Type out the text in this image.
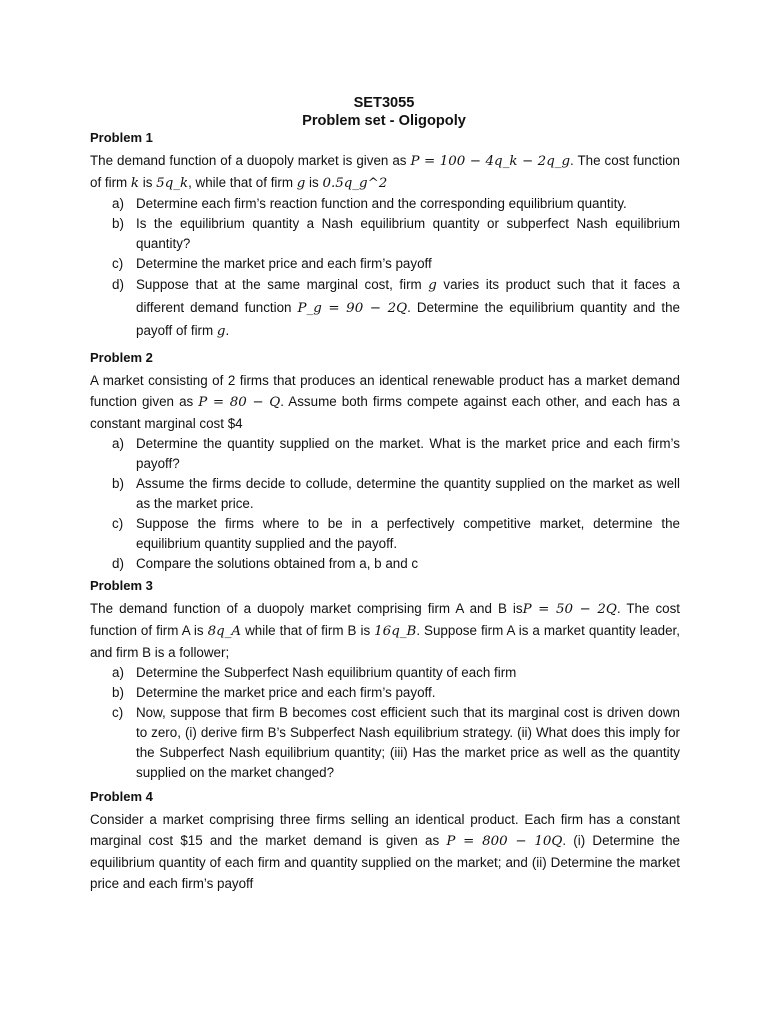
SET3055
Problem set - Oligopoly
Problem 1

The demand function of a duopoly market is given as P = 100 − 4q_k − 2q_g. The cost function of firm k is 5q_k, while that of firm g is 0.5q_g^2

a) Determine each firm’s reaction function and the corresponding equilibrium quantity.
b) Is the equilibrium quantity a Nash equilibrium quantity or subperfect Nash equilibrium quantity?
c) Determine the market price and each firm’s payoff
d) Suppose that at the same marginal cost, firm g varies its product such that it faces a different demand function P_g = 90 − 2Q. Determine the equilibrium quantity and the payoff of firm g.
Problem 2

A market consisting of 2 firms that produces an identical renewable product has a market demand function given as P = 80 − Q. Assume both firms compete against each other, and each has a constant marginal cost $4

a) Determine the quantity supplied on the market. What is the market price and each firm’s payoff?
b) Assume the firms decide to collude, determine the quantity supplied on the market as well as the market price.
c) Suppose the firms where to be in a perfectively competitive market, determine the equilibrium quantity supplied and the payoff.
d) Compare the solutions obtained from a, b and c
Problem 3

The demand function of a duopoly market comprising firm A and B isP = 50 − 2Q. The cost function of firm A is 8q_A while that of firm B is 16q_B. Suppose firm A is a market quantity leader, and firm B is a follower;

a) Determine the Subperfect Nash equilibrium quantity of each firm
b) Determine the market price and each firm’s payoff.
c) Now, suppose that firm B becomes cost efficient such that its marginal cost is driven down to zero, (i) derive firm B’s Subperfect Nash equilibrium strategy. (ii) What does this imply for the Subperfect Nash equilibrium quantity; (iii) Has the market price as well as the quantity supplied on the market changed?
Problem 4

Consider a market comprising three firms selling an identical product. Each firm has a constant marginal cost $15 and the market demand is given as P = 800 − 10Q. (i) Determine the equilibrium quantity of each firm and quantity supplied on the market; and (ii) Determine the market price and each firm’s payoff
